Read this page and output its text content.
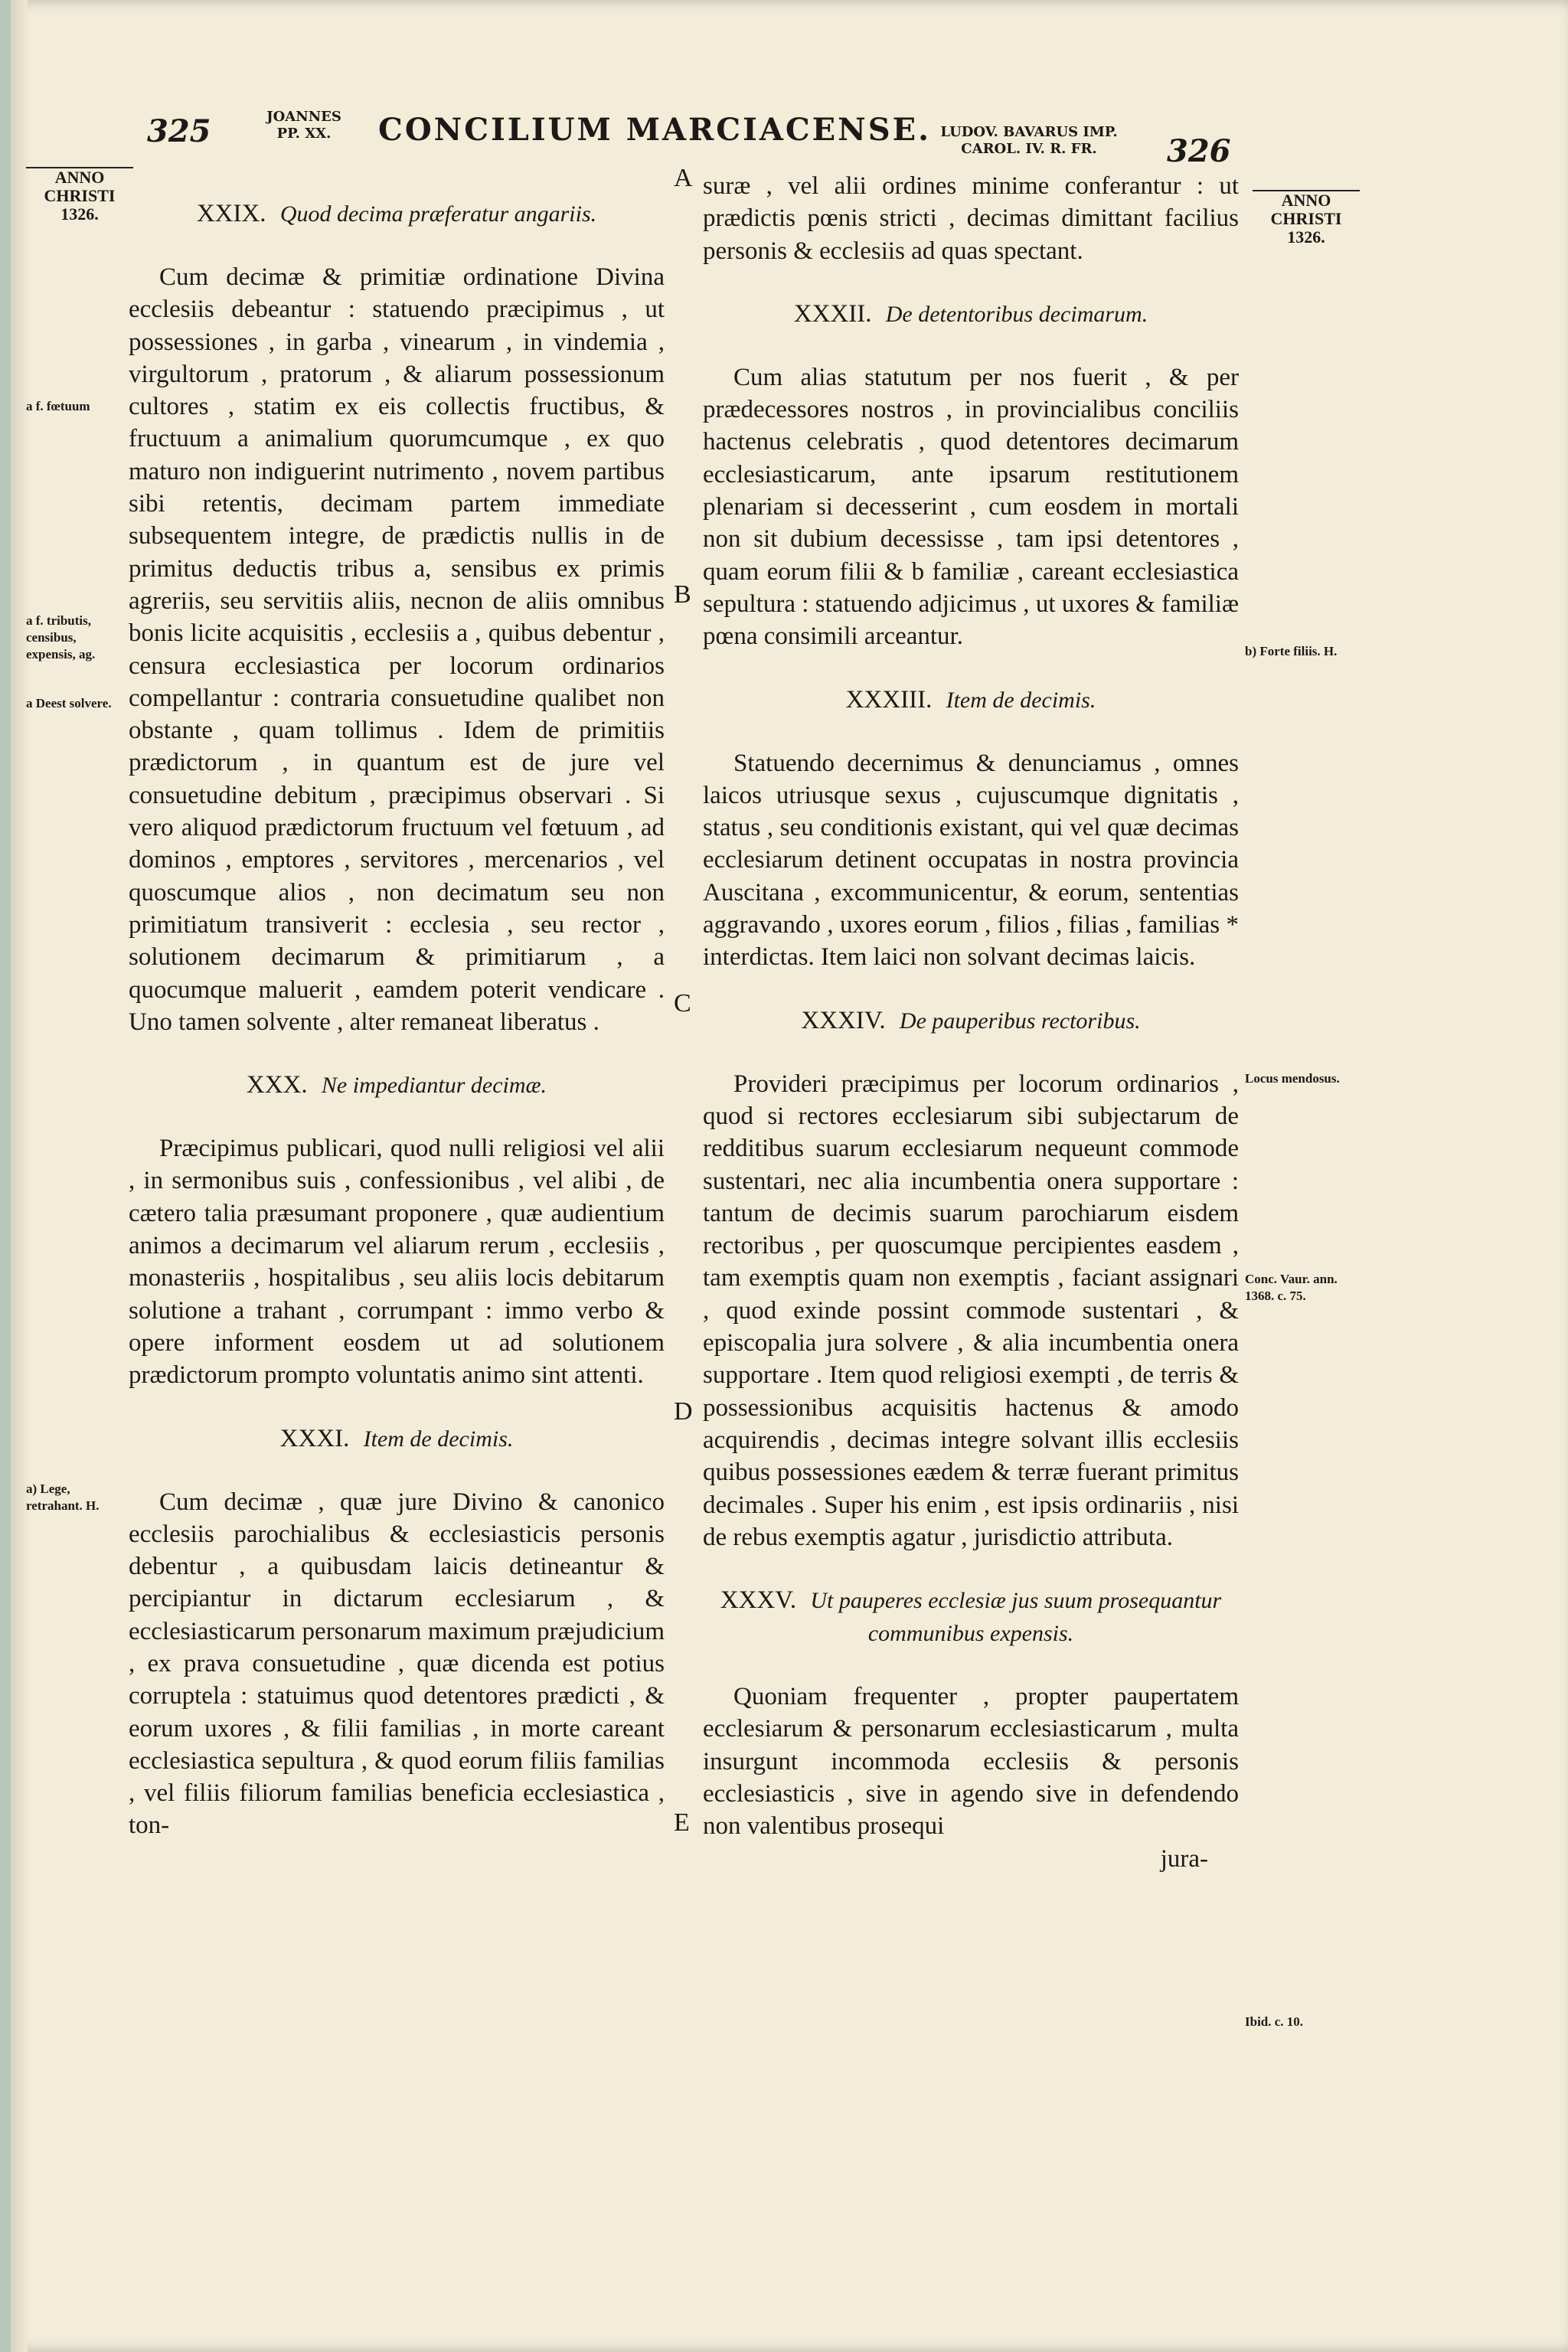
325	JOANNES
PP. XX.	CONCILIUM MARCIACENSE. LUDOV. BAVARUS IMP.
CAROL. IV. R. FR.	326
ANNO
CHRISTI
1326.
ANNO
CHRISTI
1326.
a f. fœtuum
a f. tributis, censibus, expensis, ag.
a Deest solvere.
a) Lege, retrahant. H.
b) Forte filiis. H.
Locus mendosus.
Conc. Vaur. ann. 1368. c. 75.
Ibid. c. 10.
A
B
C
D
E
XXIX. Quod decima præferatur angariis.

Cum decimæ & primitiæ ordinatione Divina ecclesiis debeantur : statuendo præcipimus , ut possessiones , in garba , vinearum , in vindemia , virgultorum , pratorum , & aliarum possessionum cultores , statim ex eis collectis fructibus, & fructuum a animalium quorumcumque , ex quo maturo non indiguerint nutrimento , novem partibus sibi retentis, decimam partem immediate subsequentem integre, de prædictis nullis in de primitus deductis tribus a, sensibus ex primis agreriis, seu servitiis aliis, necnon de aliis omnibus bonis licite acquisitis , ecclesiis a , quibus debentur , censura ecclesiastica per locorum ordinarios compellantur : contraria consuetudine qualibet non obstante , quam tollimus . Idem de primitiis prædictorum , in quantum est de jure vel consuetudine debitum , præcipimus observari . Si vero aliquod prædictorum fructuum vel fœtuum , ad dominos , emptores , servitores , mercenarios , vel quoscumque alios , non decimatum seu non primitiatum transiverit : ecclesia , seu rector , solutionem decimarum & primitiarum , a quocumque maluerit , eamdem poterit vendicare . Uno tamen solvente , alter remaneat liberatus .

XXX. Ne impediantur decimæ.

Præcipimus publicari, quod nulli religiosi vel alii , in sermonibus suis , confessionibus , vel alibi , de cætero talia præsumant proponere , quæ audientium animos a decimarum vel aliarum rerum , ecclesiis , monasteriis , hospitalibus , seu aliis locis debitarum solutione a trahant , corrumpant : immo verbo & opere informent eosdem ut ad solutionem prædictorum prompto voluntatis animo sint attenti.

XXXI. Item de decimis.

Cum decimæ , quæ jure Divino & canonico ecclesiis parochialibus & ecclesiasticis personis debentur , a quibusdam laicis detineantur & percipiantur in dictarum ecclesiarum , & ecclesiasticarum personarum maximum præjudicium , ex prava consuetudine , quæ dicenda est potius corruptela : statuimus quod detentores prædicti , & eorum uxores , & filii familias , in morte careant ecclesiastica sepultura , & quod eorum filiis familias , vel filiis filiorum familias beneficia ecclesiastica , ton-

suræ , vel alii ordines minime conferantur : ut prædictis pœnis stricti , decimas dimittant facilius personis & ecclesiis ad quas spectant.

XXXII. De detentoribus decimarum.

Cum alias statutum per nos fuerit , & per prædecessores nostros , in provincialibus conciliis hactenus celebratis , quod detentores decimarum ecclesiasticarum, ante ipsarum restitutionem plenariam si decesserint , cum eosdem in mortali non sit dubium decessisse , tam ipsi detentores , quam eorum filii & b familiæ , careant ecclesiastica sepultura : statuendo adjicimus , ut uxores & familiæ pœna consimili arceantur.

XXXIII. Item de decimis.

Statuendo decernimus & denunciamus , omnes laicos utriusque sexus , cujuscumque dignitatis , status , seu conditionis existant, qui vel quæ decimas ecclesiarum detinent occupatas in nostra provincia Auscitana , excommunicentur, & eorum, sententias aggravando , uxores eorum , filios , filias , familias * interdictas. Item laici non solvant decimas laicis.

XXXIV. De pauperibus rectoribus.

Provideri præcipimus per locorum ordinarios , quod si rectores ecclesiarum sibi subjectarum de redditibus suarum ecclesiarum nequeunt commode sustentari, nec alia incumbentia onera supportare : tantum de decimis suarum parochiarum eisdem rectoribus , per quoscumque percipientes easdem , tam exemptis quam non exemptis , faciant assignari , quod exinde possint commode sustentari , & episcopalia jura solvere , & alia incumbentia onera supportare . Item quod religiosi exempti , de terris & possessionibus acquisitis hactenus & amodo acquirendis , decimas integre solvant illis ecclesiis quibus possessiones eædem & terræ fuerant primitus decimales . Super his enim , est ipsis ordinariis , nisi de rebus exemptis agatur , jurisdictio attributa.

XXXV. Ut pauperes ecclesiæ jus suum prosequantur communibus expensis.

Quoniam frequenter , propter paupertatem ecclesiarum & personarum ecclesiasticarum , multa insurgunt incommoda ecclesiis & personis ecclesiasticis , sive in agendo sive in defendendo non valentibus prosequi

jura-
